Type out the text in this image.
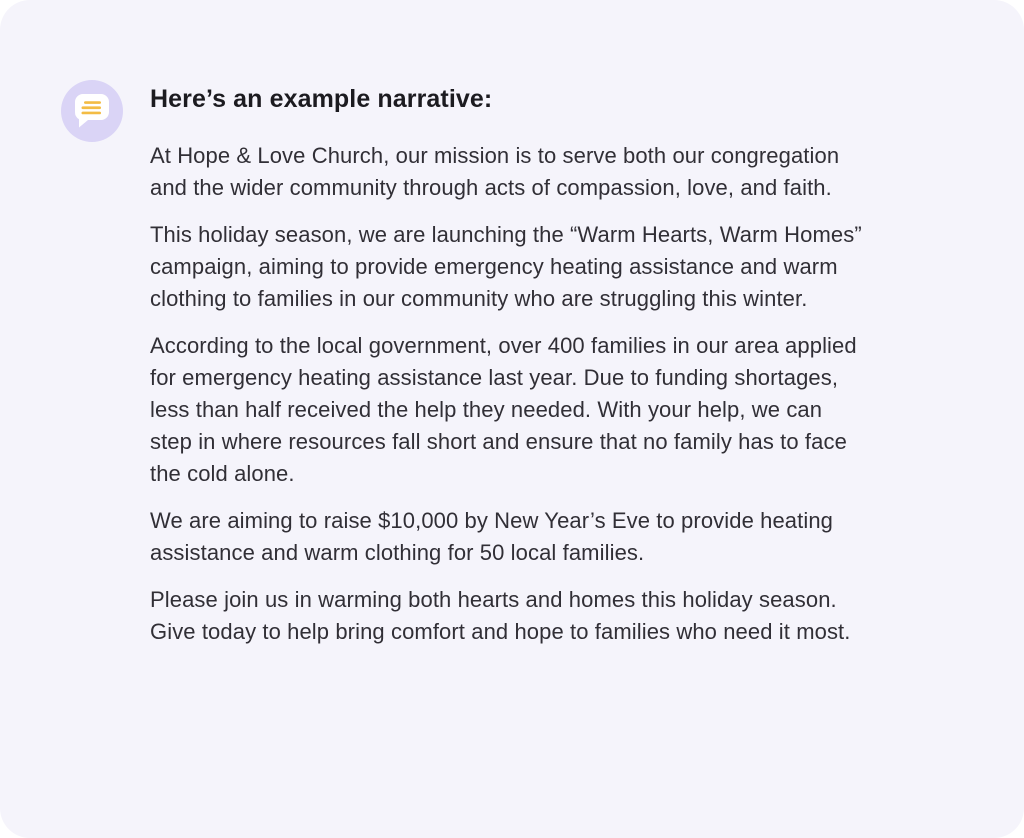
Here’s an example narrative:

At Hope & Love Church, our mission is to serve both our congregation and the wider community through acts of compassion, love, and faith.

This holiday season, we are launching the “Warm Hearts, Warm Homes” campaign, aiming to provide emergency heating assistance and warm clothing to families in our community who are struggling this winter.

According to the local government, over 400 families in our area applied for emergency heating assistance last year. Due to funding shortages, less than half received the help they needed. With your help, we can step in where resources fall short and ensure that no family has to face the cold alone.

We are aiming to raise $10,000 by New Year’s Eve to provide heating assistance and warm clothing for 50 local families.

Please join us in warming both hearts and homes this holiday season. Give today to help bring comfort and hope to families who need it most.
